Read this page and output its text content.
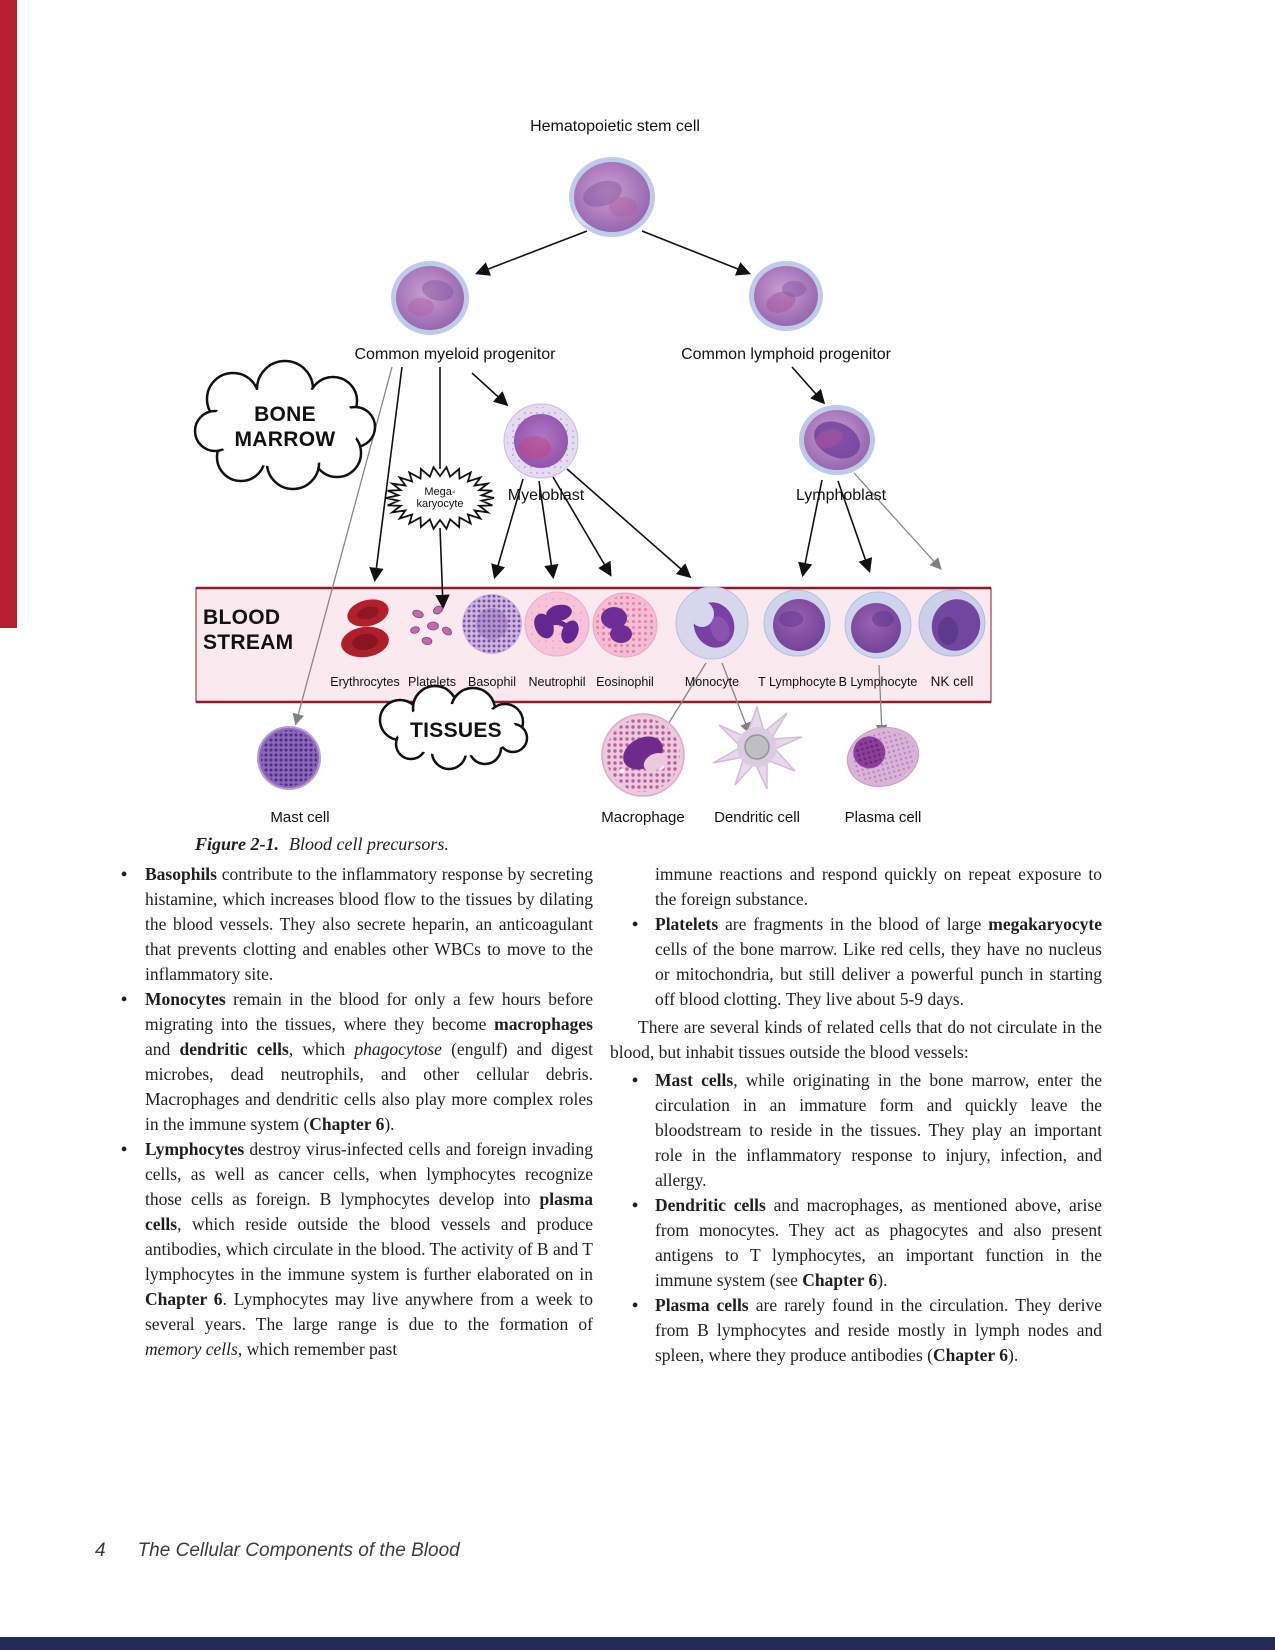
Hematopoietic stem cell
Common myeloid progenitor	Common lymphoid progenitor
BONE
MARROW
Mega-
karyocyte	Myeloblast	Lymphoblast
BLOOD
STREAM
TISSUES
Erythrocytes Platelets Basophil	Neutrophil Eosinophil	Monocyte	T Lymphocyte B Lymphocyte NK cell
Mast cell	Macrophage	Dendritic cell	Plasma cell
Figure 2-1. Blood cell precursors.
• Basophils contribute to the inflammatory response by secreting histamine, which increases blood flow to the tissues by dilating the blood vessels. They also secrete heparin, an anticoagulant that prevents clotting and enables other WBCs to move to the inflammatory site.
• Monocytes remain in the blood for only a few hours before migrating into the tissues, where they become macrophages and dendritic cells, which phagocytose (engulf) and digest microbes, dead neutrophils, and other cellular debris. Macrophages and dendritic cells also play more complex roles in the immune system (Chapter 6).
• Lymphocytes destroy virus-infected cells and foreign invading cells, as well as cancer cells, when lymphocytes recognize those cells as foreign. B lymphocytes develop into plasma cells, which reside outside the blood vessels and produce antibodies, which circulate in the blood. The activity of B and T lymphocytes in the immune system is further elaborated on in Chapter 6. Lymphocytes may live anywhere from a week to several years. The large range is due to the formation of memory cells, which remember past

immune reactions and respond quickly on repeat exposure to the foreign substance.

• Platelets are fragments in the blood of large megakaryocyte cells of the bone marrow. Like red cells, they have no nucleus or mitochondria, but still deliver a powerful punch in starting off blood clotting. They live about 5-9 days.

There are several kinds of related cells that do not circulate in the blood, but inhabit tissues outside the blood vessels:

• Mast cells, while originating in the bone marrow, enter the circulation in an immature form and quickly leave the bloodstream to reside in the tissues. They play an important role in the inflammatory response to injury, infection, and allergy.
• Dendritic cells and macrophages, as mentioned above, arise from monocytes. They act as phagocytes and also present antigens to T lymphocytes, an important function in the immune system (see Chapter 6).
• Plasma cells are rarely found in the circulation. They derive from B lymphocytes and reside mostly in lymph nodes and spleen, where they produce antibodies (Chapter 6).
4 The Cellular Components of the Blood
